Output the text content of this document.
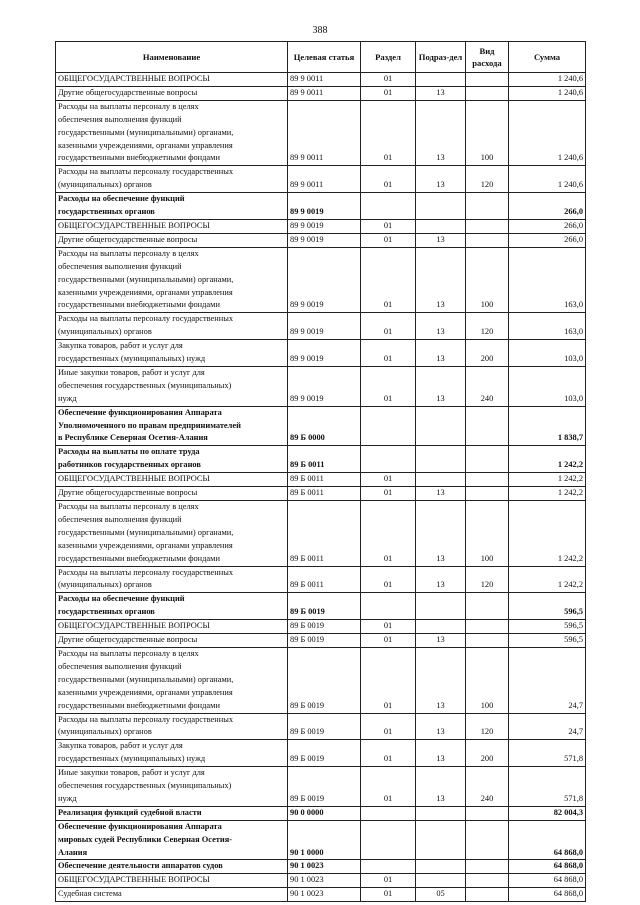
388
Наименование	Целевая статья	Раздел	Подраз-дел	Вид расхода	Сумма

ОБЩЕГОСУДАРСТВЕННЫЕ ВОПРОСЫ	89 9 0011	01			1 240,6

Другие общегосударственные вопросы	89 9 0011	01	13		1 240,6

Расходы на выплаты персоналу в целях
обеспечения выполнения функций
государственными (муниципальными) органами,
казенными учреждениями, органами управления
государственными внебюджетными фондами	89 9 0011	01	13	100	1 240,6

Расходы на выплаты персоналу государственных
(муниципальных) органов	89 9 0011	01	13	120	1 240,6

Расходы на обеспечение функций
государственных органов	89 9 0019				266,0

ОБЩЕГОСУДАРСТВЕННЫЕ ВОПРОСЫ	89 9 0019	01			266,0

Другие общегосударственные вопросы	89 9 0019	01	13		266,0

Расходы на выплаты персоналу в целях
обеспечения выполнения функций
государственными (муниципальными) органами,
казенными учреждениями, органами управления
государственными внебюджетными фондами	89 9 0019	01	13	100	163,0

Расходы на выплаты персоналу государственных
(муниципальных) органов	89 9 0019	01	13	120	163,0

Закупка товаров, работ и услуг для
государственных (муниципальных) нужд	89 9 0019	01	13	200	103,0

Иные закупки товаров, работ и услуг для
обеспечения государственных (муниципальных)
нужд	89 9 0019	01	13	240	103,0

Обеспечение функционирования Аппарата
Уполномоченного по правам предпринимателей
в Республике Северная Осетия-Алания	89 Б 0000				1 838,7

Расходы на выплаты по оплате труда
работников государственных органов	89 Б 0011				1 242,2

ОБЩЕГОСУДАРСТВЕННЫЕ ВОПРОСЫ	89 Б 0011	01			1 242,2

Другие общегосударственные вопросы	89 Б 0011	01	13		1 242,2

Расходы на выплаты персоналу в целях
обеспечения выполнения функций
государственными (муниципальными) органами,
казенными учреждениями, органами управления
государственными внебюджетными фондами	89 Б 0011	01	13	100	1 242,2

Расходы на выплаты персоналу государственных
(муниципальных) органов	89 Б 0011	01	13	120	1 242,2

Расходы на обеспечение функций
государственных органов	89 Б 0019				596,5

ОБЩЕГОСУДАРСТВЕННЫЕ ВОПРОСЫ	89 Б 0019	01			596,5

Другие общегосударственные вопросы	89 Б 0019	01	13		596,5

Расходы на выплаты персоналу в целях
обеспечения выполнения функций
государственными (муниципальными) органами,
казенными учреждениями, органами управления
государственными внебюджетными фондами	89 Б 0019	01	13	100	24,7

Расходы на выплаты персоналу государственных
(муниципальных) органов	89 Б 0019	01	13	120	24,7

Закупка товаров, работ и услуг для
государственных (муниципальных) нужд	89 Б 0019	01	13	200	571,8

Иные закупки товаров, работ и услуг для
обеспечения государственных (муниципальных)
нужд	89 Б 0019	01	13	240	571,8

Реализация функций судебной власти	90 0 0000				82 004,3

Обеспечение функционирования Аппарата
мировых судей Республики Северная Осетия-
Алания	90 1 0000				64 868,0

Обеспечение деятельности аппаратов судов	90 1 0023				64 868,0

ОБЩЕГОСУДАРСТВЕННЫЕ ВОПРОСЫ	90 1 0023	01			64 868,0

Судебная система	90 1 0023	01	05		64 868,0
